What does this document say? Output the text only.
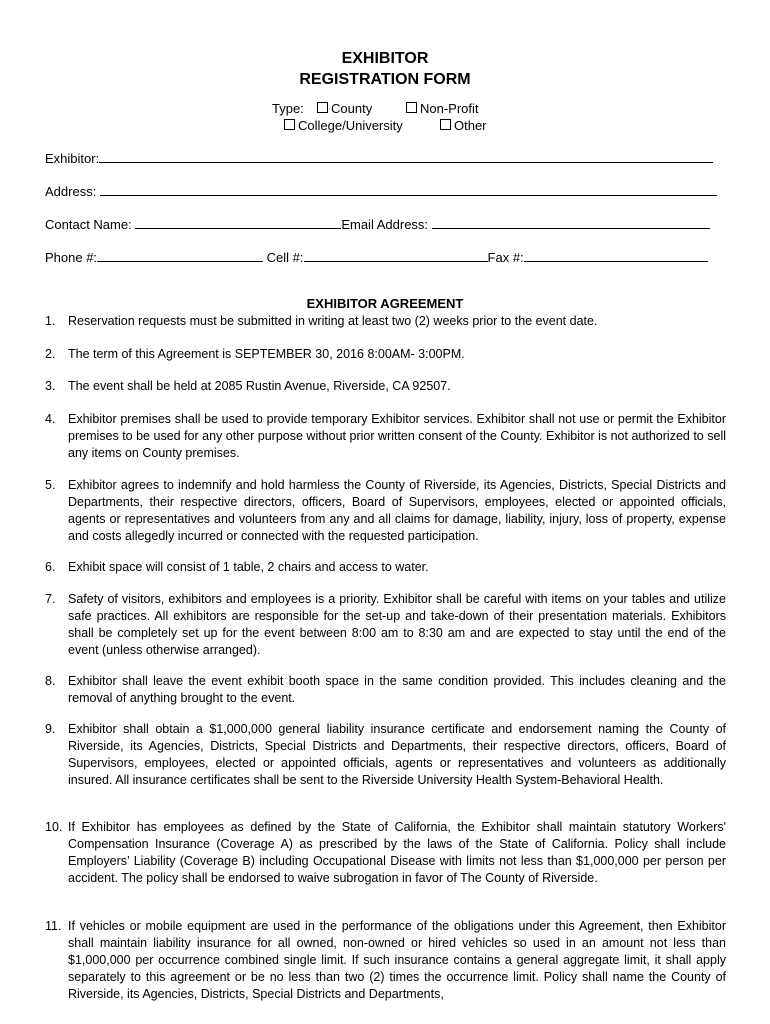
EXHIBITOR
REGISTRATION FORM
Type: County	Non-Profit
College/University	Other
Exhibitor:
Address:
Contact Name:	Email Address:
Phone #:	Cell #:	Fax #:
EXHIBITOR AGREEMENT
1. Reservation requests must be submitted in writing at least two (2) weeks prior to the event date.
2. The term of this Agreement is SEPTEMBER 30, 2016 8:00AM- 3:00PM.
3. The event shall be held at 2085 Rustin Avenue, Riverside, CA 92507.
4. Exhibitor premises shall be used to provide temporary Exhibitor services. Exhibitor shall not use or permit the Exhibitor premises to be used for any other purpose without prior written consent of the County. Exhibitor is not authorized to sell any items on County premises.
5. Exhibitor agrees to indemnify and hold harmless the County of Riverside, its Agencies, Districts, Special Districts and Departments, their respective directors, officers, Board of Supervisors, employees, elected or appointed officials, agents or representatives and volunteers from any and all claims for damage, liability, injury, loss of property, expense and costs allegedly incurred or connected with the requested participation.
6. Exhibit space will consist of 1 table, 2 chairs and access to water.
7. Safety of visitors, exhibitors and employees is a priority. Exhibitor shall be careful with items on your tables and utilize safe practices. All exhibitors are responsible for the set-up and take-down of their presentation materials. Exhibitors shall be completely set up for the event between 8:00 am to 8:30 am and are expected to stay until the end of the event (unless otherwise arranged).
8. Exhibitor shall leave the event exhibit booth space in the same condition provided. This includes cleaning and the removal of anything brought to the event.
9. Exhibitor shall obtain a $1,000,000 general liability insurance certificate and endorsement naming the County of Riverside, its Agencies, Districts, Special Districts and Departments, their respective directors, officers, Board of Supervisors, employees, elected or appointed officials, agents or representatives and volunteers as additionally insured. All insurance certificates shall be sent to the Riverside University Health System-Behavioral Health.
10. If Exhibitor has employees as defined by the State of California, the Exhibitor shall maintain statutory Workers' Compensation Insurance (Coverage A) as prescribed by the laws of the State of California. Policy shall include Employers’ Liability (Coverage B) including Occupational Disease with limits not less than $1,000,000 per person per accident. The policy shall be endorsed to waive subrogation in favor of The County of Riverside.
11. If vehicles or mobile equipment are used in the performance of the obligations under this Agreement, then Exhibitor shall maintain liability insurance for all owned, non-owned or hired vehicles so used in an amount not less than $1,000,000 per occurrence combined single limit. If such insurance contains a general aggregate limit, it shall apply separately to this agreement or be no less than two (2) times the occurrence limit. Policy shall name the County of Riverside, its Agencies, Districts, Special Districts and Departments,
